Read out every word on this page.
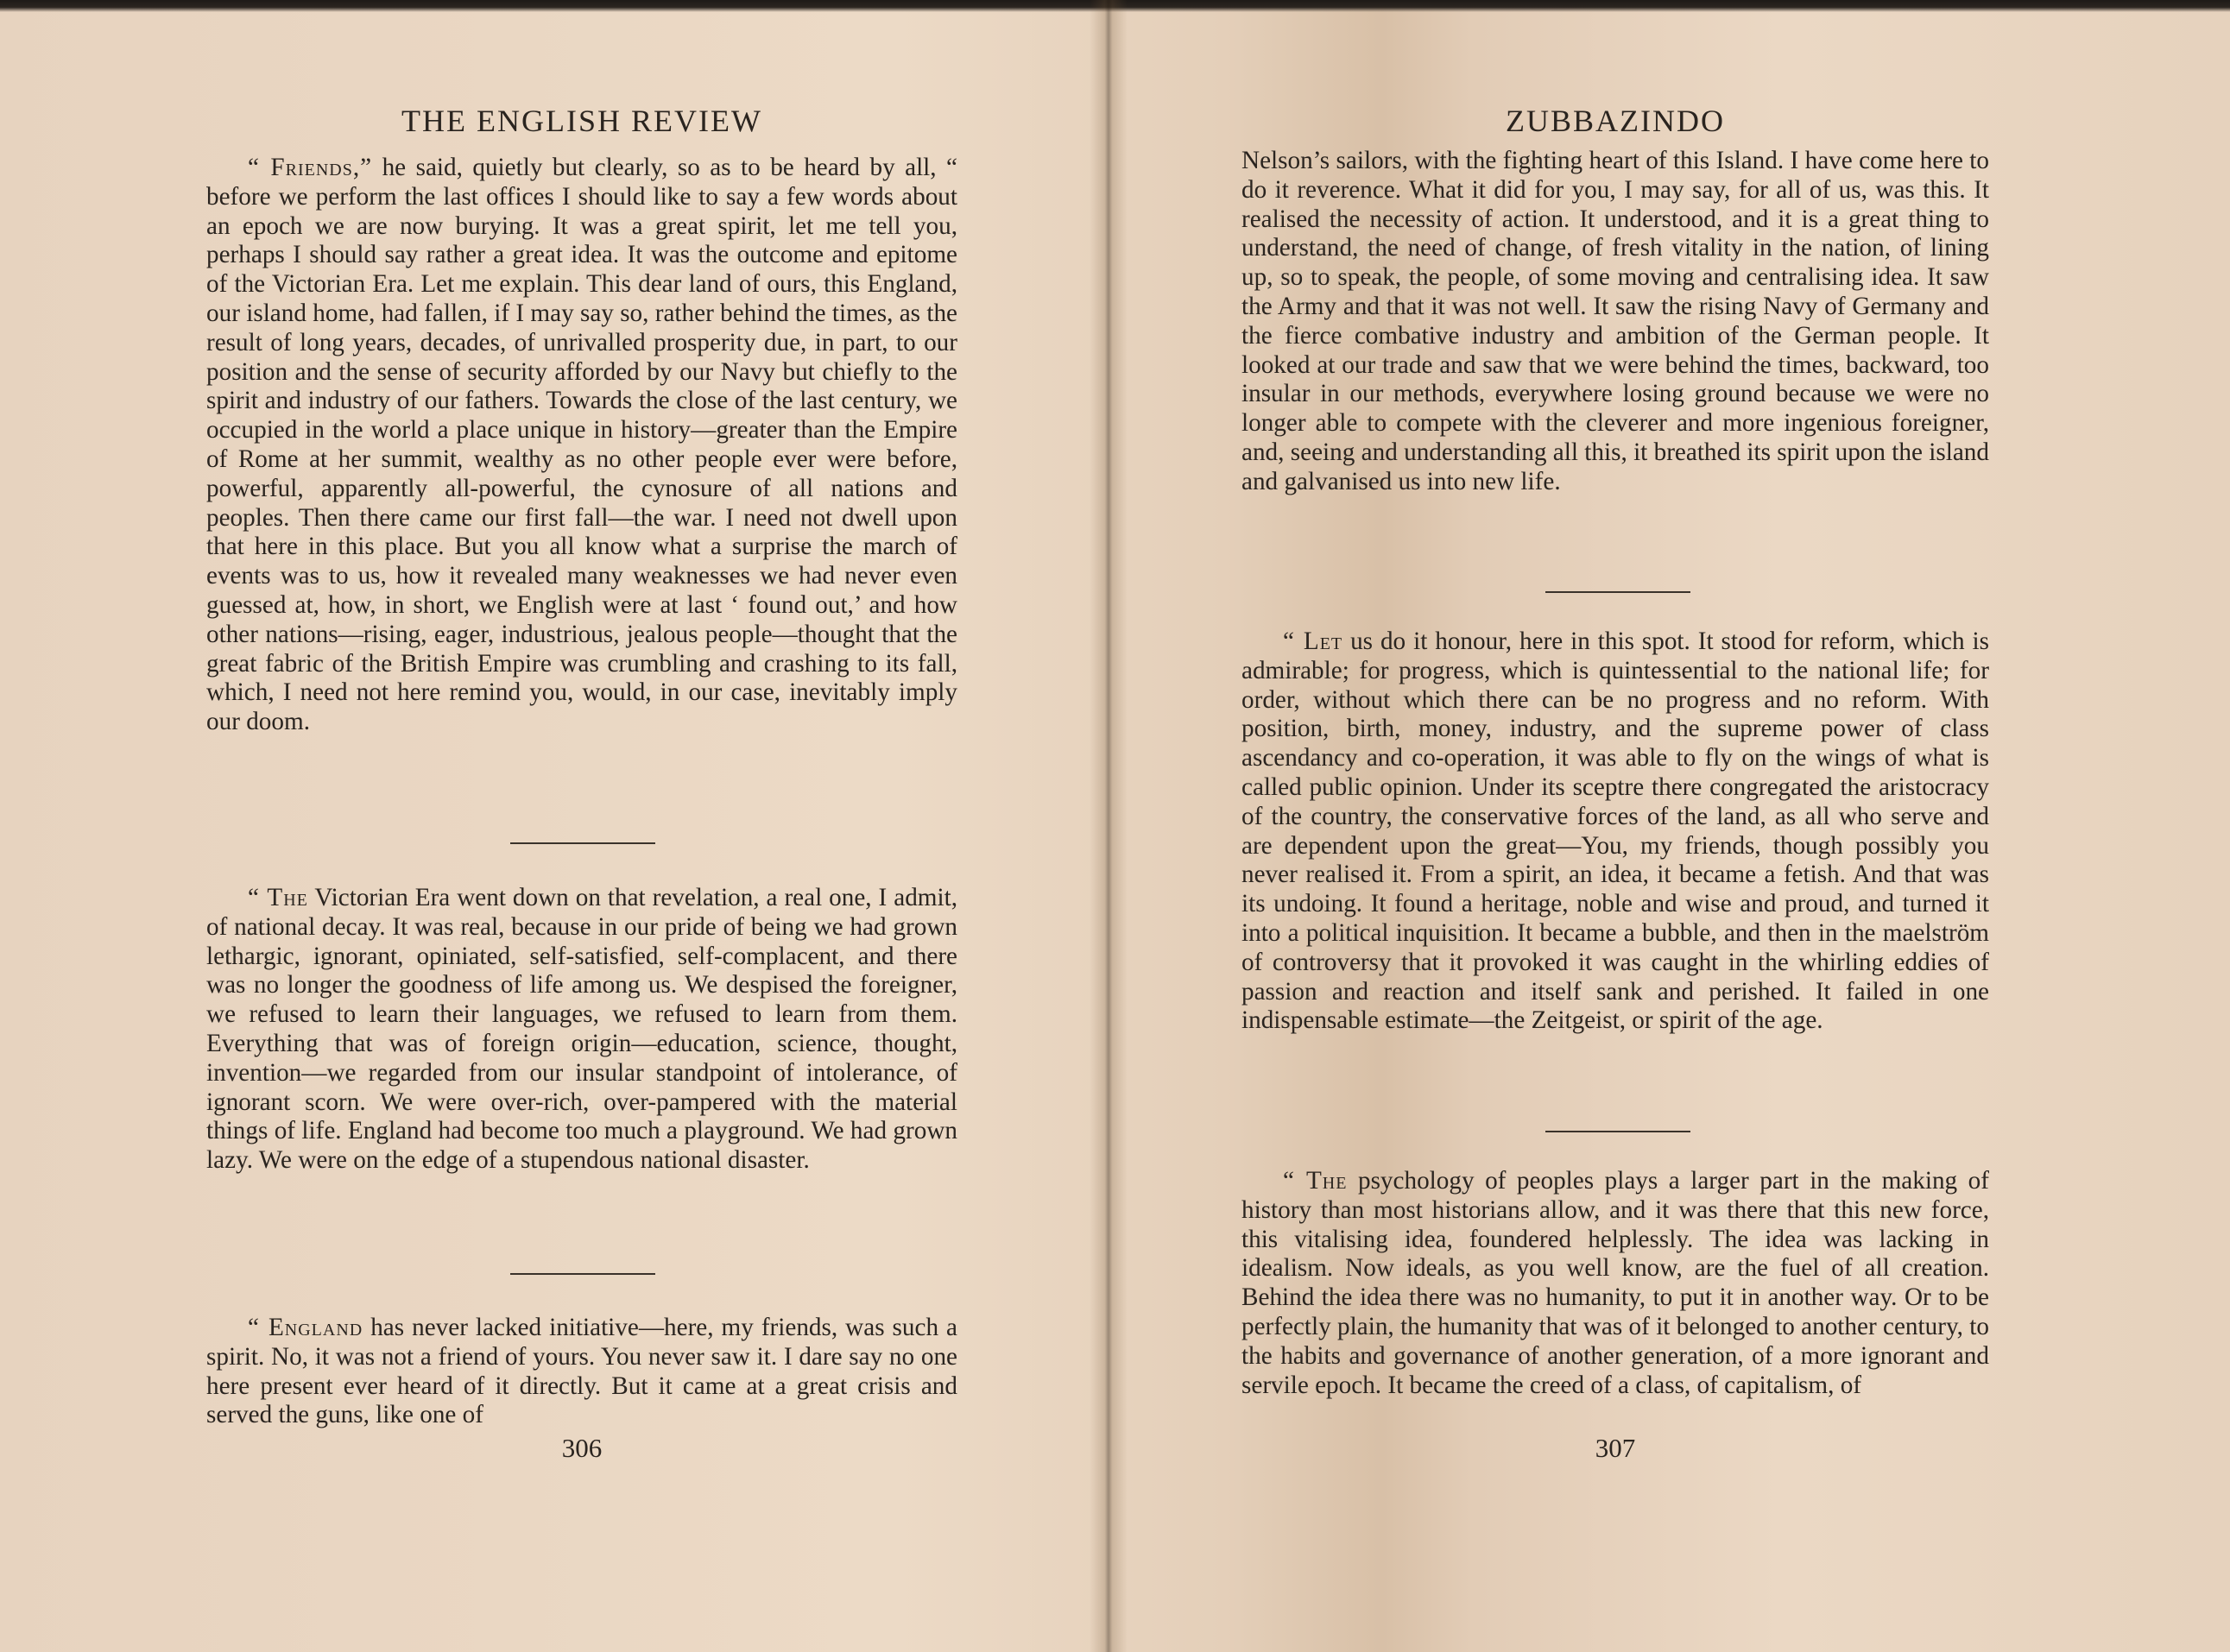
THE ENGLISH REVIEW

“ Friends,” he said, quietly but clearly, so as to be heard by all, “ before we perform the last offices I should like to say a few words about an epoch we are now burying. It was a great spirit, let me tell you, perhaps I should say rather a great idea. It was the outcome and epitome of the Victorian Era. Let me explain. This dear land of ours, this England, our island home, had fallen, if I may say so, rather behind the times, as the result of long years, decades, of unrivalled prosperity due, in part, to our position and the sense of security afforded by our Navy but chiefly to the spirit and industry of our fathers. Towards the close of the last century, we occupied in the world a place unique in history—greater than the Empire of Rome at her summit, wealthy as no other people ever were before, powerful, apparently all-powerful, the cynosure of all nations and peoples. Then there came our first fall—the war. I need not dwell upon that here in this place. But you all know what a surprise the march of events was to us, how it revealed many weaknesses we had never even guessed at, how, in short, we English were at last ‘ found out,’ and how other nations—rising, eager, industrious, jealous people—thought that the great fabric of the British Empire was crumbling and crashing to its fall, which, I need not here remind you, would, in our case, inevitably imply our doom.

“ The Victorian Era went down on that revelation, a real one, I admit, of national decay. It was real, because in our pride of being we had grown lethargic, ignorant, opiniated, self-satisfied, self-complacent, and there was no longer the goodness of life among us. We despised the foreigner, we refused to learn their languages, we refused to learn from them. Everything that was of foreign origin—education, science, thought, invention—we regarded from our insular standpoint of intolerance, of ignorant scorn. We were over-rich, over-pampered with the material things of life. England had become too much a playground. We had grown lazy. We were on the edge of a stupendous national disaster.

“ England has never lacked initiative—here, my friends, was such a spirit. No, it was not a friend of yours. You never saw it. I dare say no one here present ever heard of it directly. But it came at a great crisis and served the guns, like one of

306
ZUBBAZINDO

Nelson’s sailors, with the fighting heart of this Island. I have come here to do it reverence. What it did for you, I may say, for all of us, was this. It realised the necessity of action. It understood, and it is a great thing to understand, the need of change, of fresh vitality in the nation, of lining up, so to speak, the people, of some moving and centralising idea. It saw the Army and that it was not well. It saw the rising Navy of Germany and the fierce combative industry and ambition of the German people. It looked at our trade and saw that we were behind the times, backward, too insular in our methods, everywhere losing ground because we were no longer able to compete with the cleverer and more ingenious foreigner, and, seeing and understanding all this, it breathed its spirit upon the island and galvanised us into new life.

“ Let us do it honour, here in this spot. It stood for reform, which is admirable; for progress, which is quintessential to the national life; for order, without which there can be no progress and no reform. With position, birth, money, industry, and the supreme power of class ascendancy and co-operation, it was able to fly on the wings of what is called public opinion. Under its sceptre there congregated the aristocracy of the country, the conservative forces of the land, as all who serve and are dependent upon the great—You, my friends, though possibly you never realised it. From a spirit, an idea, it became a fetish. And that was its undoing. It found a heritage, noble and wise and proud, and turned it into a political inquisition. It became a bubble, and then in the maelström of controversy that it provoked it was caught in the whirling eddies of passion and reaction and itself sank and perished. It failed in one indispensable estimate—the Zeitgeist, or spirit of the age.

“ The psychology of peoples plays a larger part in the making of history than most historians allow, and it was there that this new force, this vitalising idea, foundered helplessly. The idea was lacking in idealism. Now ideals, as you well know, are the fuel of all creation. Behind the idea there was no humanity, to put it in another way. Or to be perfectly plain, the humanity that was of it belonged to another century, to the habits and governance of another generation, of a more ignorant and servile epoch. It became the creed of a class, of capitalism, of

307
